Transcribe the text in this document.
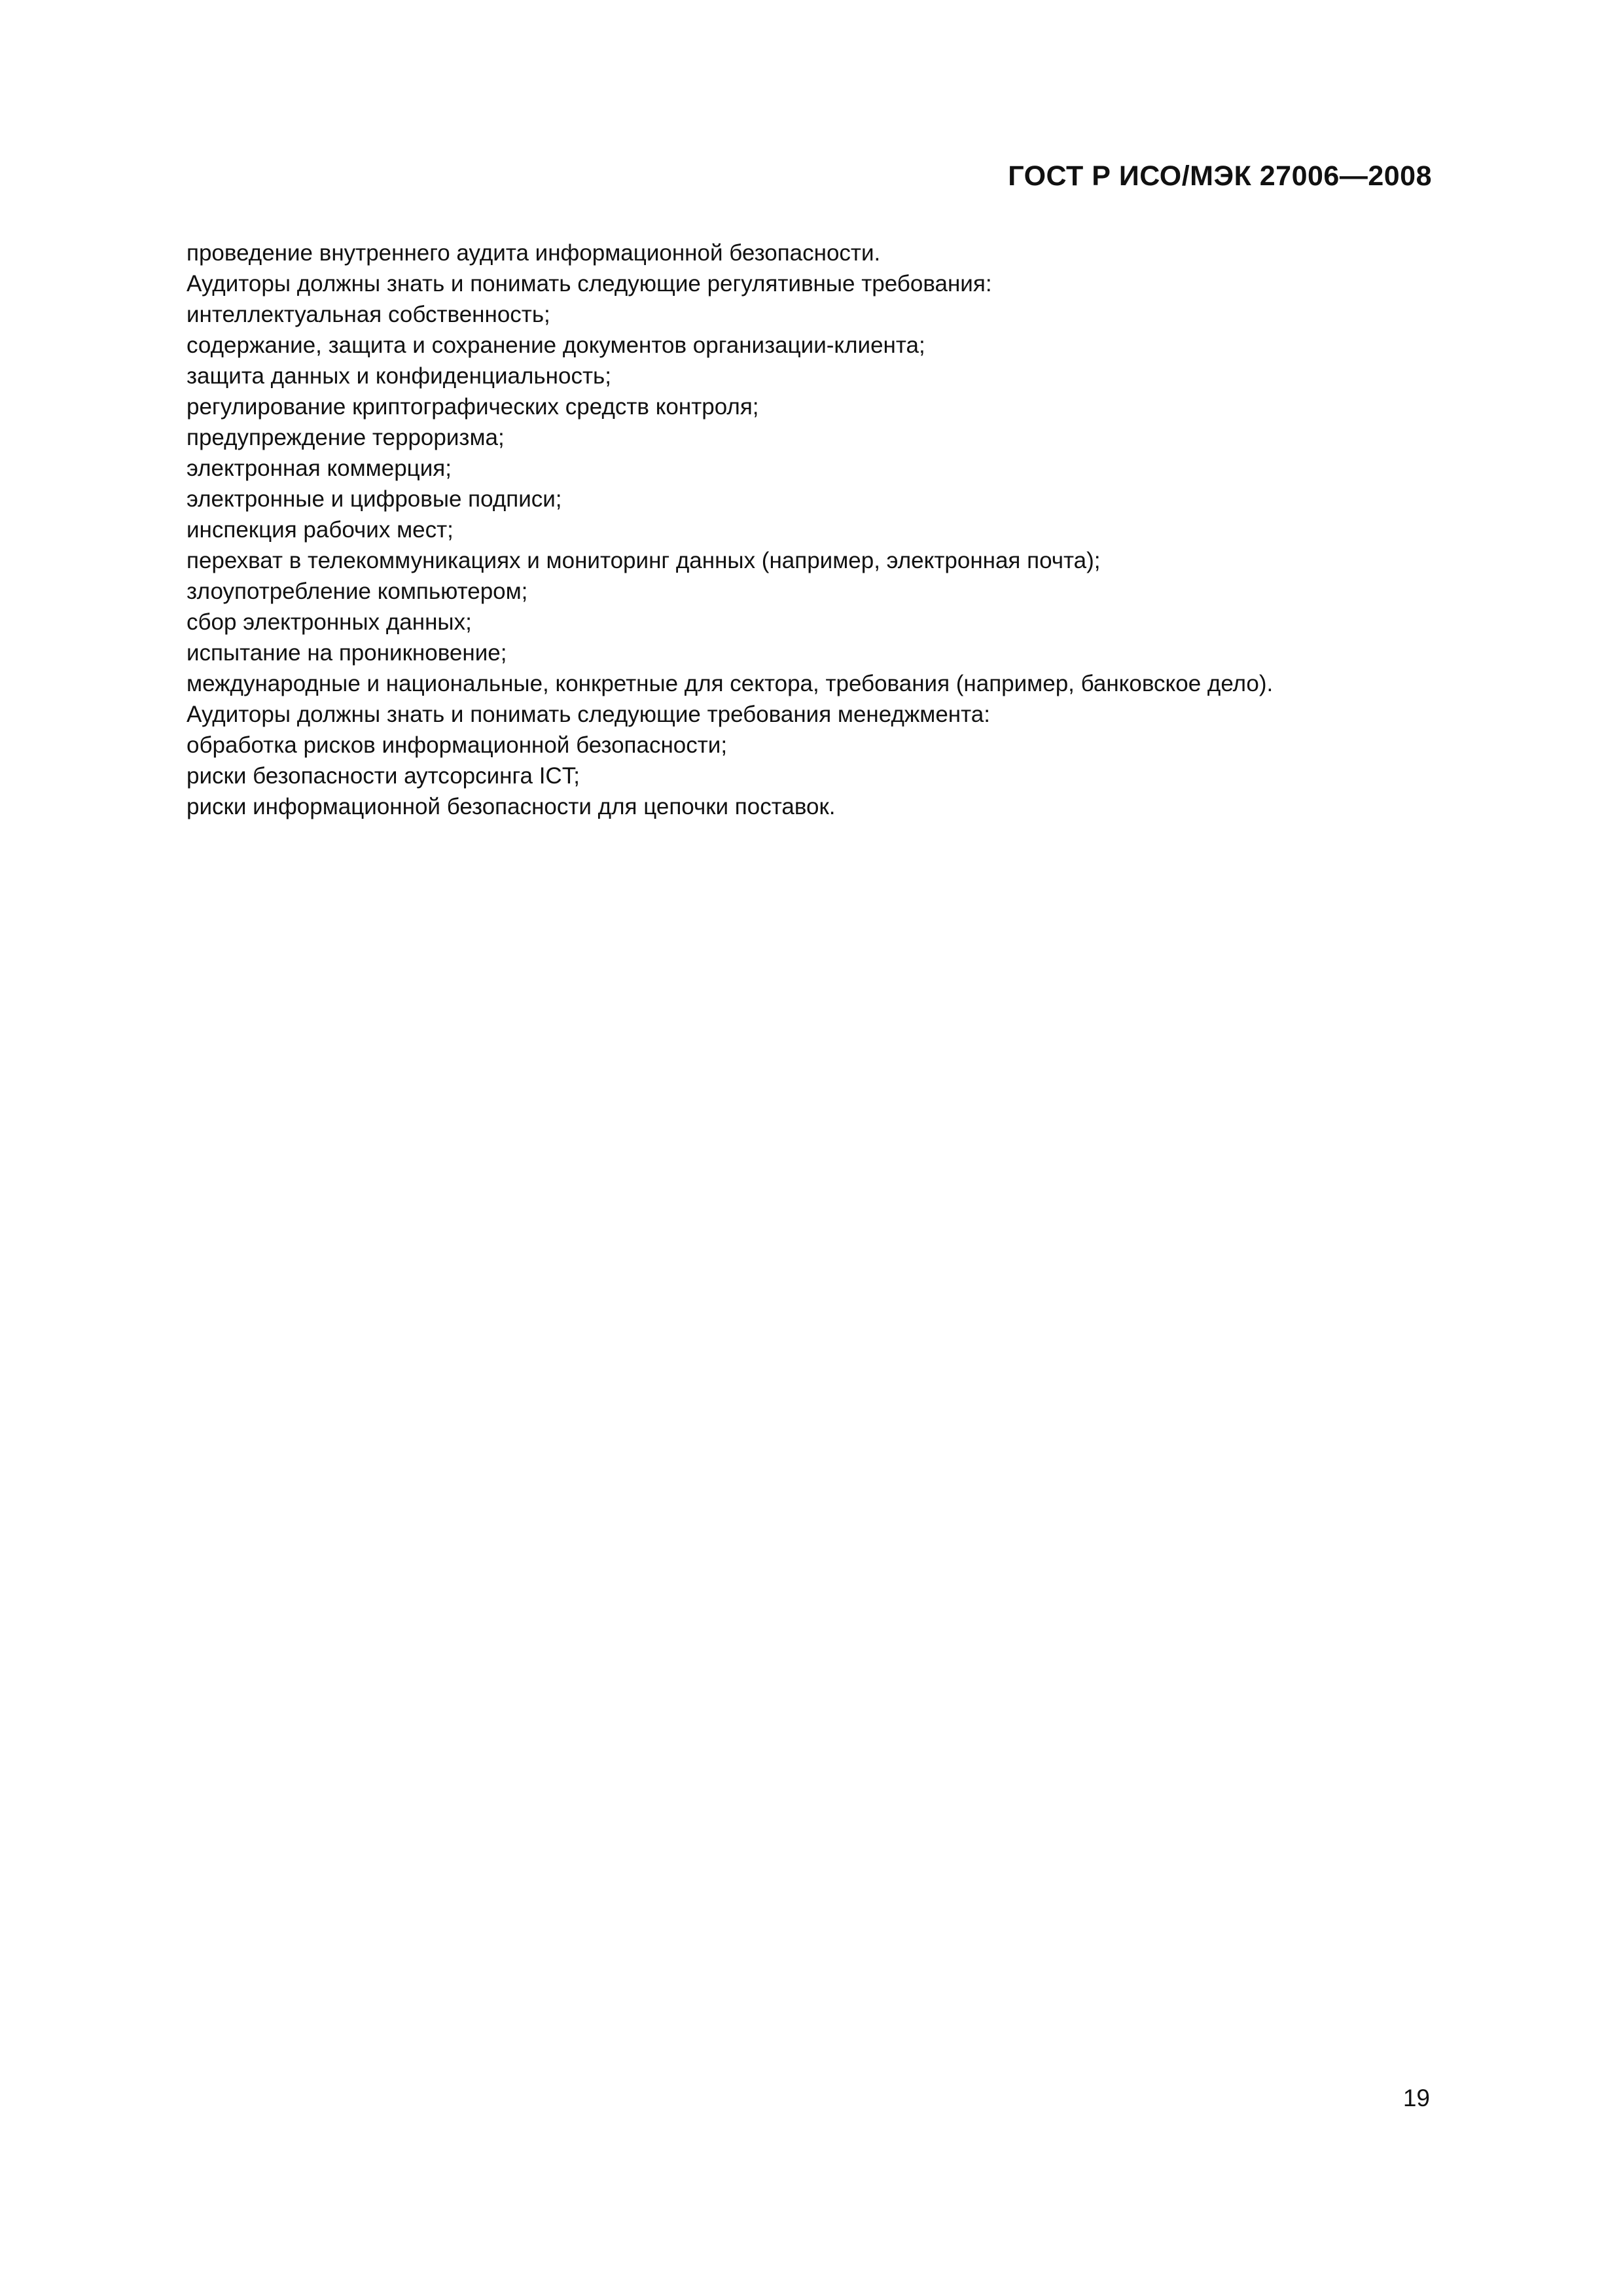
ГОСТ Р ИСО/МЭК 27006—2008
проведение внутреннего аудита информационной безопасности.
Аудиторы должны знать и понимать следующие регулятивные требования:
интеллектуальная собственность;
содержание, защита и сохранение документов организации-клиента;
защита данных и конфиденциальность;
регулирование криптографических средств контроля;
предупреждение терроризма;
электронная коммерция;
электронные и цифровые подписи;
инспекция рабочих мест;
перехват в телекоммуникациях и мониторинг данных (например, электронная почта);
злоупотребление компьютером;
сбор электронных данных;
испытание на проникновение;
международные и национальные, конкретные для сектора, требования (например, банковское дело).
Аудиторы должны знать и понимать следующие требования менеджмента:
обработка рисков информационной безопасности;
риски безопасности аутсорсинга ICT;
риски информационной безопасности для цепочки поставок.
19
